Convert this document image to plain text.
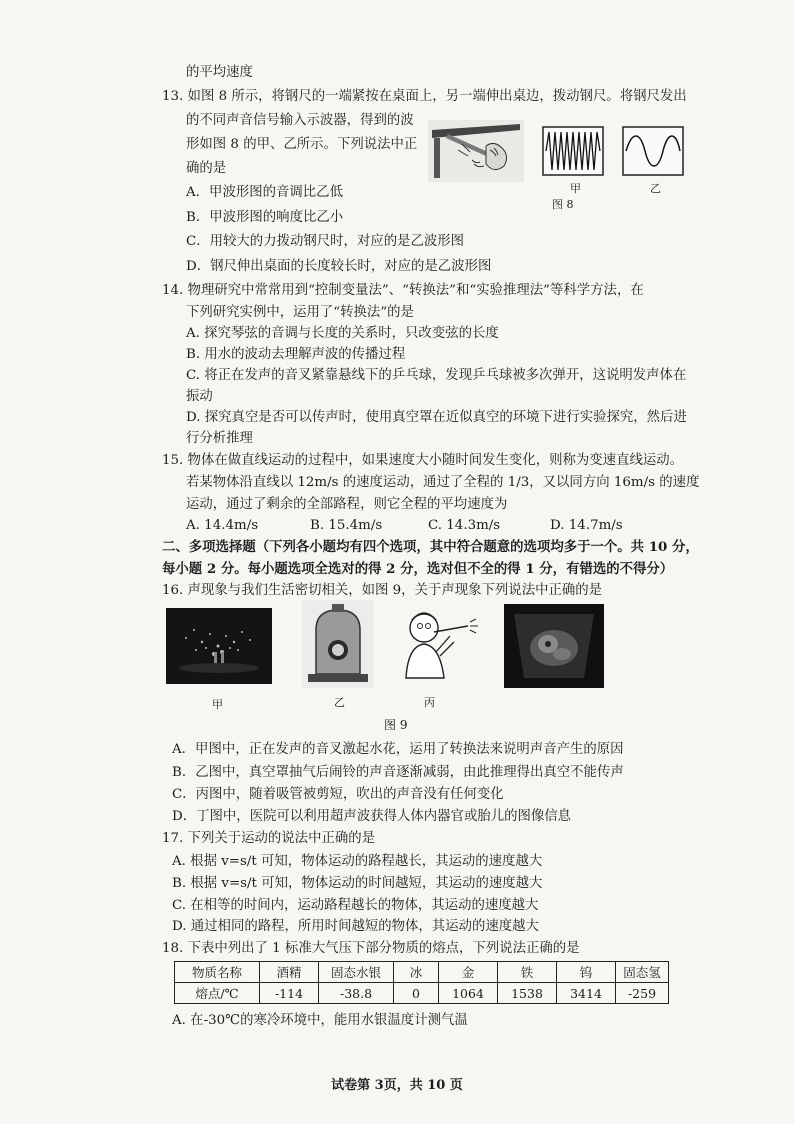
的平均速度
13. 如图 8 所示，将钢尺的一端紧按在桌面上，另一端伸出桌边，拨动钢尺。将钢尺发出
的不同声音信号输入示波器，得到的波
形如图 8 的甲、乙所示。下列说法中正
确的是
A．甲波形图的音调比乙低
B．甲波形图的响度比乙小
C．用较大的力拨动钢尺时，对应的是乙波形图
D．钢尺伸出桌面的长度较长时，对应的是乙波形图
甲	乙
图 8
14. 物理研究中常常用到“控制变量法”、“转换法”和“实验推理法”等科学方法，在
下列研究实例中，运用了“转换法”的是
A. 探究琴弦的音调与长度的关系时，只改变弦的长度
B. 用水的波动去理解声波的传播过程
C. 将正在发声的音叉紧靠悬线下的乒乓球，发现乒乓球被多次弹开，这说明发声体在
振动
D. 探究真空是否可以传声时，使用真空罩在近似真空的环境下进行实验探究，然后进
行分析推理
15. 物体在做直线运动的过程中，如果速度大小随时间发生变化，则称为变速直线运动。
若某物体沿直线以 12m/s 的速度运动，通过了全程的 1/3，又以同方向 16m/s 的速度
运动，通过了剩余的全部路程，则它全程的平均速度为
A. 14.4m/s	B. 15.4m/s	C. 14.3m/s	D. 14.7m/s
二、多项选择题（下列各小题均有四个选项，其中符合题意的选项均多于一个。共 10 分，
每小题 2 分。每小题选项全选对的得 2 分，选对但不全的得 1 分，有错选的不得分）
16. 声现象与我们生活密切相关，如图 9，关于声现象下列说法中正确的是
甲	乙	丙
图 9
A．甲图中，正在发声的音叉激起水花，运用了转换法来说明声音产生的原因
B．乙图中，真空罩抽气后闹铃的声音逐渐减弱，由此推理得出真空不能传声
C．丙图中，随着吸管被剪短，吹出的声音没有任何变化
D．丁图中，医院可以利用超声波获得人体内器官或胎儿的图像信息
17. 下列关于运动的说法中正确的是
A. 根据 v=s/t 可知，物体运动的路程越长，其运动的速度越大
B. 根据 v=s/t 可知，物体运动的时间越短，其运动的速度越大
C. 在相等的时间内，运动路程越长的物体，其运动的速度越大
D. 通过相同的路程，所用时间越短的物体，其运动的速度越大
18. 下表中列出了 1 标准大气压下部分物质的熔点，下列说法正确的是
物质名称	酒精	固态水银	冰	金	铁	钨	固态氢
熔点/℃	-114	-38.8	0	1064	1538	3414	-259
A. 在-30℃的寒冷环境中，能用水银温度计测气温
试卷第 3页，共 10 页
